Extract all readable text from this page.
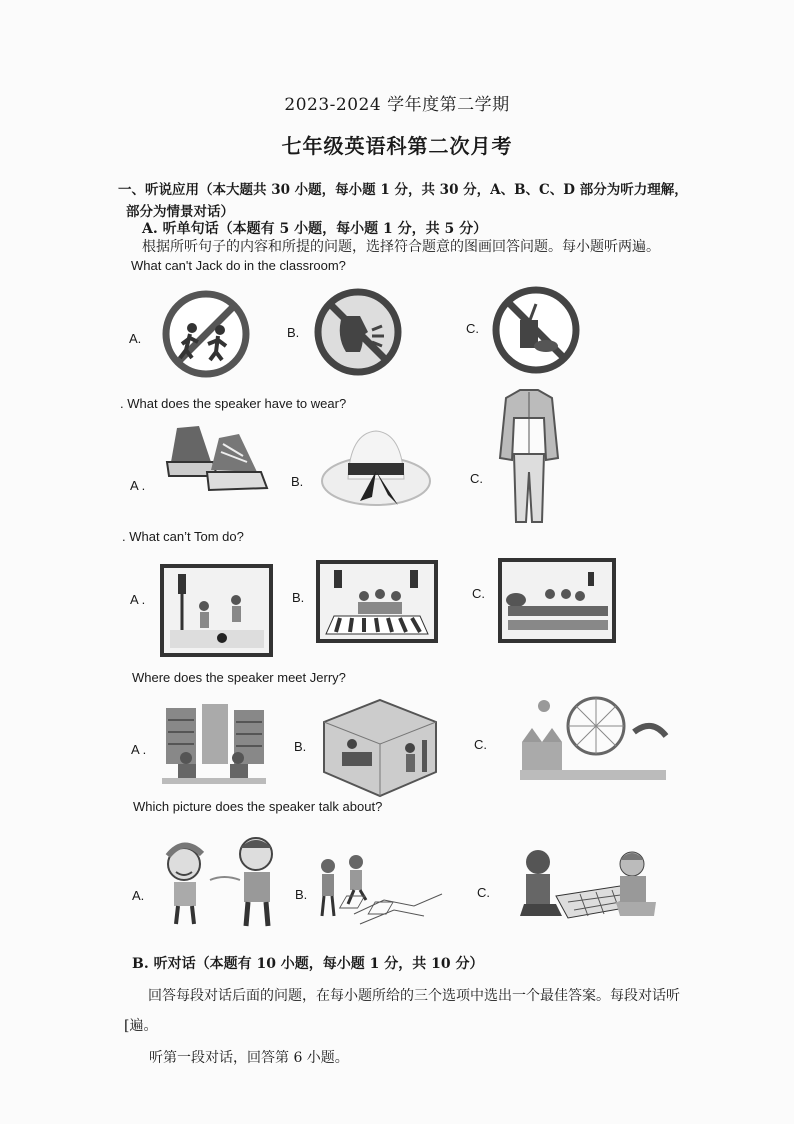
2023-2024 学年度第二学期
七年级英语科第二次月考
一、听说应用（本大题共 30 小题，每小题 1 分，共 30 分，A、B、C、D 部分为听力理解，
部分为情景对话）
A. 听单句话（本题有 5 小题，每小题 1 分，共 5 分）
根据所听句子的内容和所提的问题，选择符合题意的图画回答问题。每小题听两遍。
What can't Jack do in the classroom?
A.	B.	C.
. What does the speaker have to wear?
A .	B.	C.
. What can’t Tom do?
A .	B.	C.
Where does the speaker meet Jerry?
A .	B.	C.
Which picture does the speaker talk about?
A.	B.	C.
B. 听对话（本题有 10 小题，每小题 1 分，共 10 分）
回答每段对话后面的问题，在每小题所给的三个选项中选出一个最佳答案。每段对话听
[遍。
听第一段对话，回答第 6 小题。
